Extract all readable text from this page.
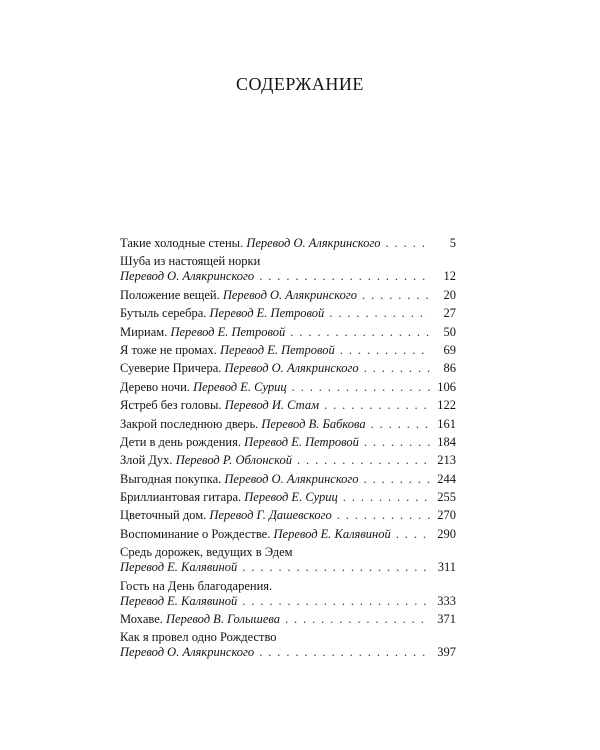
СОДЕРЖАНИЕ
Такие холодные стены. Перевод О. Алякринского . . .	5
Шуба из настоящей норки
Перевод О. Алякринского . . .	12
Положение вещей. Перевод О. Алякринского . . .	20
Бутыль серебра. Перевод Е. Петровой . . .	27
Мириам. Перевод Е. Петровой . . .	50
Я тоже не промах. Перевод Е. Петровой . . .	69
Суеверие Причера. Перевод О. Алякринского . . .	86
Дерево ночи. Перевод Е. Суриц . . .	106
Ястреб без головы. Перевод И. Стам . . .	122
Закрой последнюю дверь. Перевод В. Бабкова . . .	161
Дети в день рождения. Перевод Е. Петровой . . .	184
Злой Дух. Перевод Р. Облонской . . .	213
Выгодная покупка. Перевод О. Алякринского . . .	244
Бриллиантовая гитара. Перевод Е. Суриц . . .	255
Цветочный дом. Перевод Г. Дашевского . . .	270
Воспоминание о Рождестве. Перевод Е. Калявиной . . .	290
Средь дорожек, ведущих в Эдем
Перевод Е. Калявиной . . .	311
Гость на День благодарения.
Перевод Е. Калявиной . . .	333
Мохаве. Перевод В. Голышева . . .	371
Как я провел одно Рождество
Перевод О. Алякринского . . .	397
